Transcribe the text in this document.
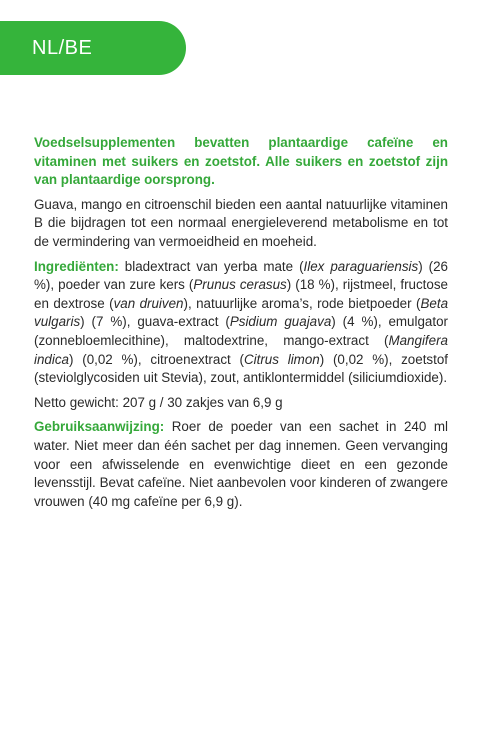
NL/BE

Voedselsupplementen bevatten plantaardige cafeïne en vitaminen met suikers en zoetstof. Alle suikers en zoetstof zijn van plantaardige oorsprong.

Guava, mango en citroenschil bieden een aantal natuurlijke vitaminen B die bijdragen tot een normaal energieleverend metabolisme en tot de vermindering van vermoeidheid en moeheid.

Ingrediënten: bladextract van yerba mate (Ilex paraguariensis) (26 %), poeder van zure kers (Prunus cerasus) (18 %), rijstmeel, fructose en dextrose (van druiven), natuurlijke aroma’s, rode bietpoeder (Beta vulgaris) (7 %), guava-extract (Psidium guajava) (4 %), emulgator (zonnebloemlecithine), maltodextrine, mango-extract (Mangifera indica) (0,02 %), citroenextract (Citrus limon) (0,02 %), zoetstof (steviolglycosiden uit Stevia), zout, antiklontermiddel (siliciumdioxide).

Netto gewicht: 207 g / 30 zakjes van 6,9 g

Gebruiksaanwijzing: Roer de poeder van een sachet in 240 ml water. Niet meer dan één sachet per dag innemen. Geen vervanging voor een afwisselende en evenwichtige dieet en een gezonde levensstijl. Bevat cafeïne. Niet aanbevolen voor kinderen of zwangere vrouwen (40 mg cafeïne per 6,9 g).
